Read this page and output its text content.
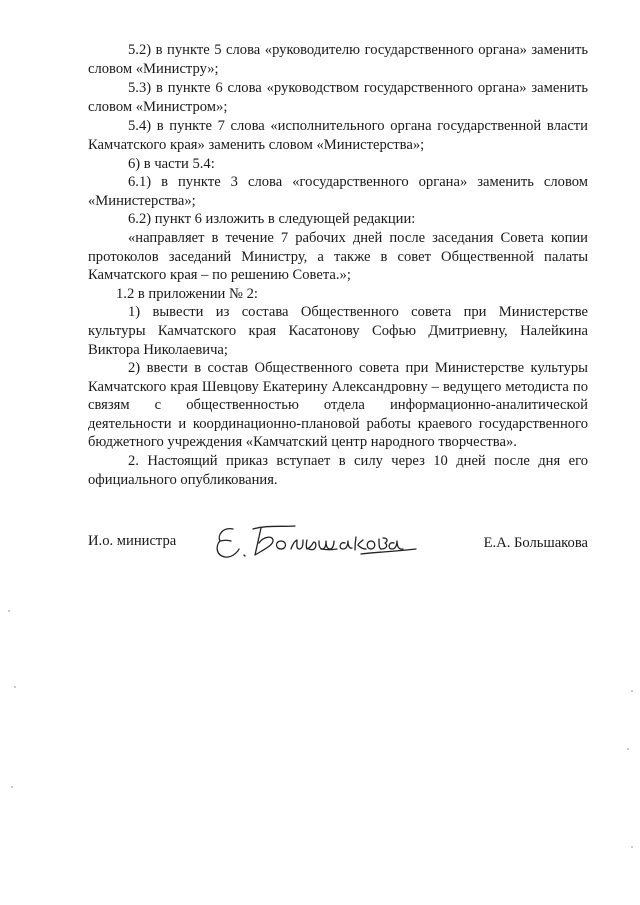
5.2) в пункте 5 слова «руководителю государственного органа» заменить словом «Министру»;

5.3) в пункте 6 слова «руководством государственного органа» заменить словом «Министром»;

5.4) в пункте 7 слова «исполнительного органа государственной власти Камчатского края» заменить словом «Министерства»;

6) в части 5.4:

6.1) в пункте 3 слова «государственного органа» заменить словом «Министерства»;

6.2) пункт 6 изложить в следующей редакции:

«направляет в течение 7 рабочих дней после заседания Совета копии протоколов заседаний Министру, а также в совет Общественной палаты Камчатского края – по решению Совета.»;

1.2 в приложении № 2:

1) вывести из состава Общественного совета при Министерстве культуры Камчатского края Касатонову Софью Дмитриевну, Налейкина Виктора Николаевича;

2) ввести в состав Общественного совета при Министерстве культуры Камчатского края Шевцову Екатерину Александровну – ведущего методиста по связям с общественностью отдела информационно-аналитической деятельности и координационно-плановой работы краевого государственного бюджетного учреждения «Камчатский центр народного творчества».

2. Настоящий приказ вступает в силу через 10 дней после дня его официального опубликования.

И.о. министра	Е.А. Большакова
